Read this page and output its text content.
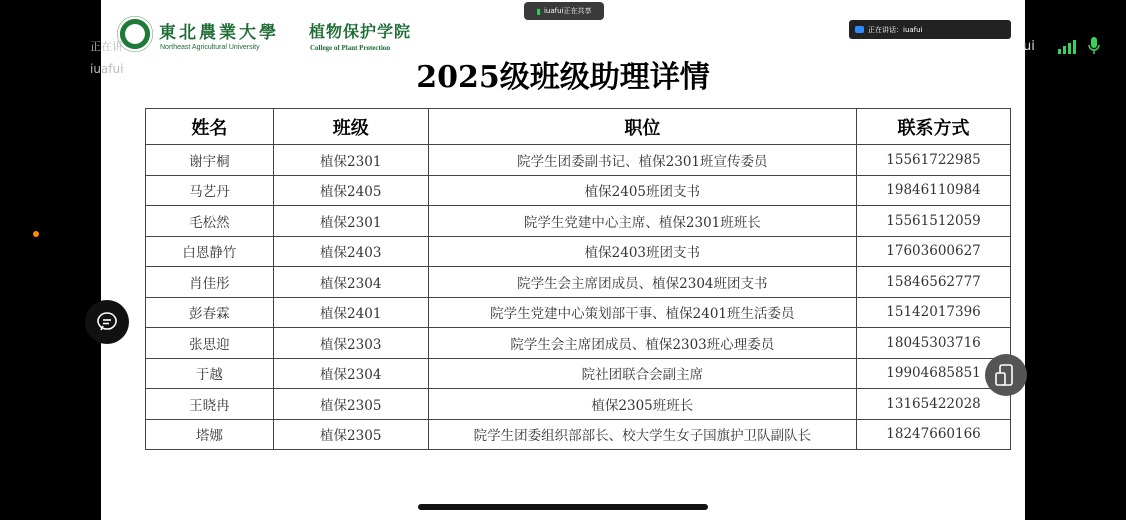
東北農業大學
Northeast Agricultural University
植物保护学院
College of Plant Protection
2025级班级助理详情
姓名	班级	职位	联系方式
谢宇桐	植保2301	院学生团委副书记、植保2301班宣传委员	15561722985
马艺丹	植保2405	植保2405班团支书	19846110984
毛松然	植保2301	院学生党建中心主席、植保2301班班长	15561512059
白恩静竹	植保2403	植保2403班团支书	17603600627
肖佳彤	植保2304	院学生会主席团成员、植保2304班团支书	15846562777
彭春霖	植保2401	院学生党建中心策划部干事、植保2401班生活委员	15142017396
张思迎	植保2303	院学生会主席团成员、植保2303班心理委员	18045303716
于越	植保2304	院社团联合会副主席	19904685851
王晓冉	植保2305	植保2305班班长	13165422028
塔娜	植保2305	院学生团委组织部部长、校大学生女子国旗护卫队副队长	18247660166
▮ iuafui正在共享
正在讲话：iuafui
正在讲
iuafui
ui
